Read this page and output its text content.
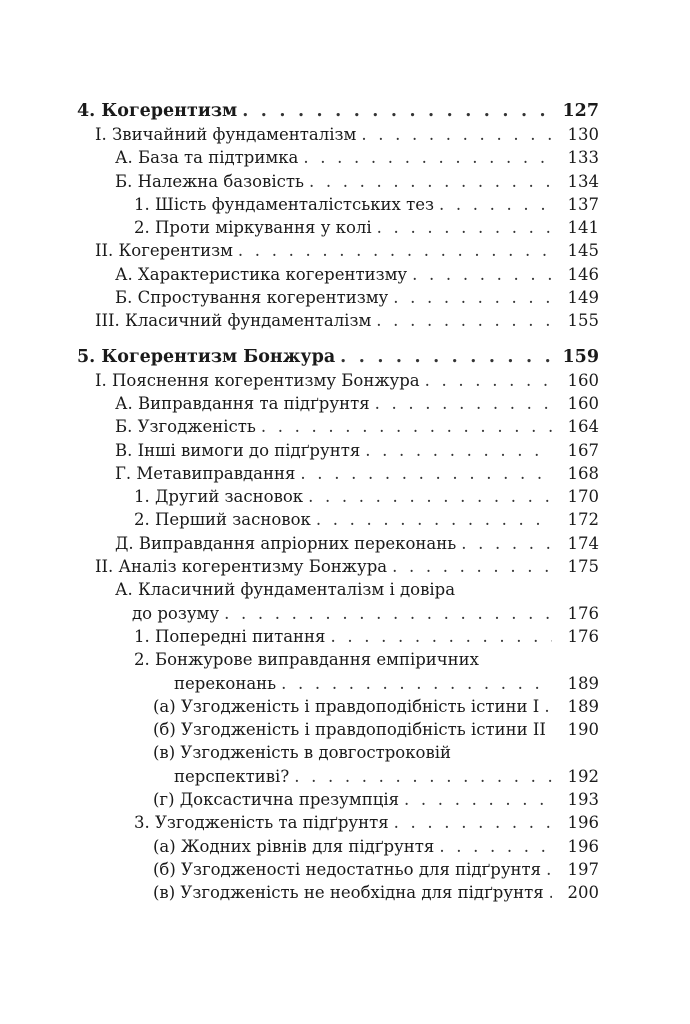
4. Когерентизм . . .	127
I. Звичайний фундаменталізм . . .	130
А. База та підтримка . . .	133
Б. Належна базовість . . .	134
1. Шість фундаменталістських тез . . .	137
2. Проти міркування у колі . . .	141
II. Когерентизм . . .	145
А. Характеристика когерентизму . . .	146
Б. Спростування когерентизму . . .	149
III. Класичний фундаменталізм . . .	155
5. Когерентизм Бонжура . . .	159
I. Пояснення когерентизму Бонжура . . .	160
А. Виправдання та підґрунтя . . .	160
Б. Узгодженість . . .	164
В. Інші вимоги до підґрунтя . . .	167
Г. Метавиправдання . . .	168
1. Другий засновок . . .	170
2. Перший засновок . . .	172
Д. Виправдання апріорних переконань . . .	174
II. Аналіз когерентизму Бонжура . . .	175
А. Класичний фундаменталізм і довіра
до розуму . . .	176
1. Попередні питання . . .	176
2. Бонжурове виправдання емпіричних
переконань . . .	189
(а) Узгодженість і правдоподібність істини I . . . 189
(б) Узгодженість і правдоподібність істини II . . . 190
(в) Узгодженість в довгостроковій
перспективі? . . .	192
(г) Доксастична презумпція . . .	193
3. Узгодженість та підґрунтя . . .	196
(а) Жодних рівнів для підґрунтя . . .	196
(б) Узгодженості недостатньо для підґрунтя . . . 197
(в) Узгодженість не необхідна для підґрунтя . . . 200
